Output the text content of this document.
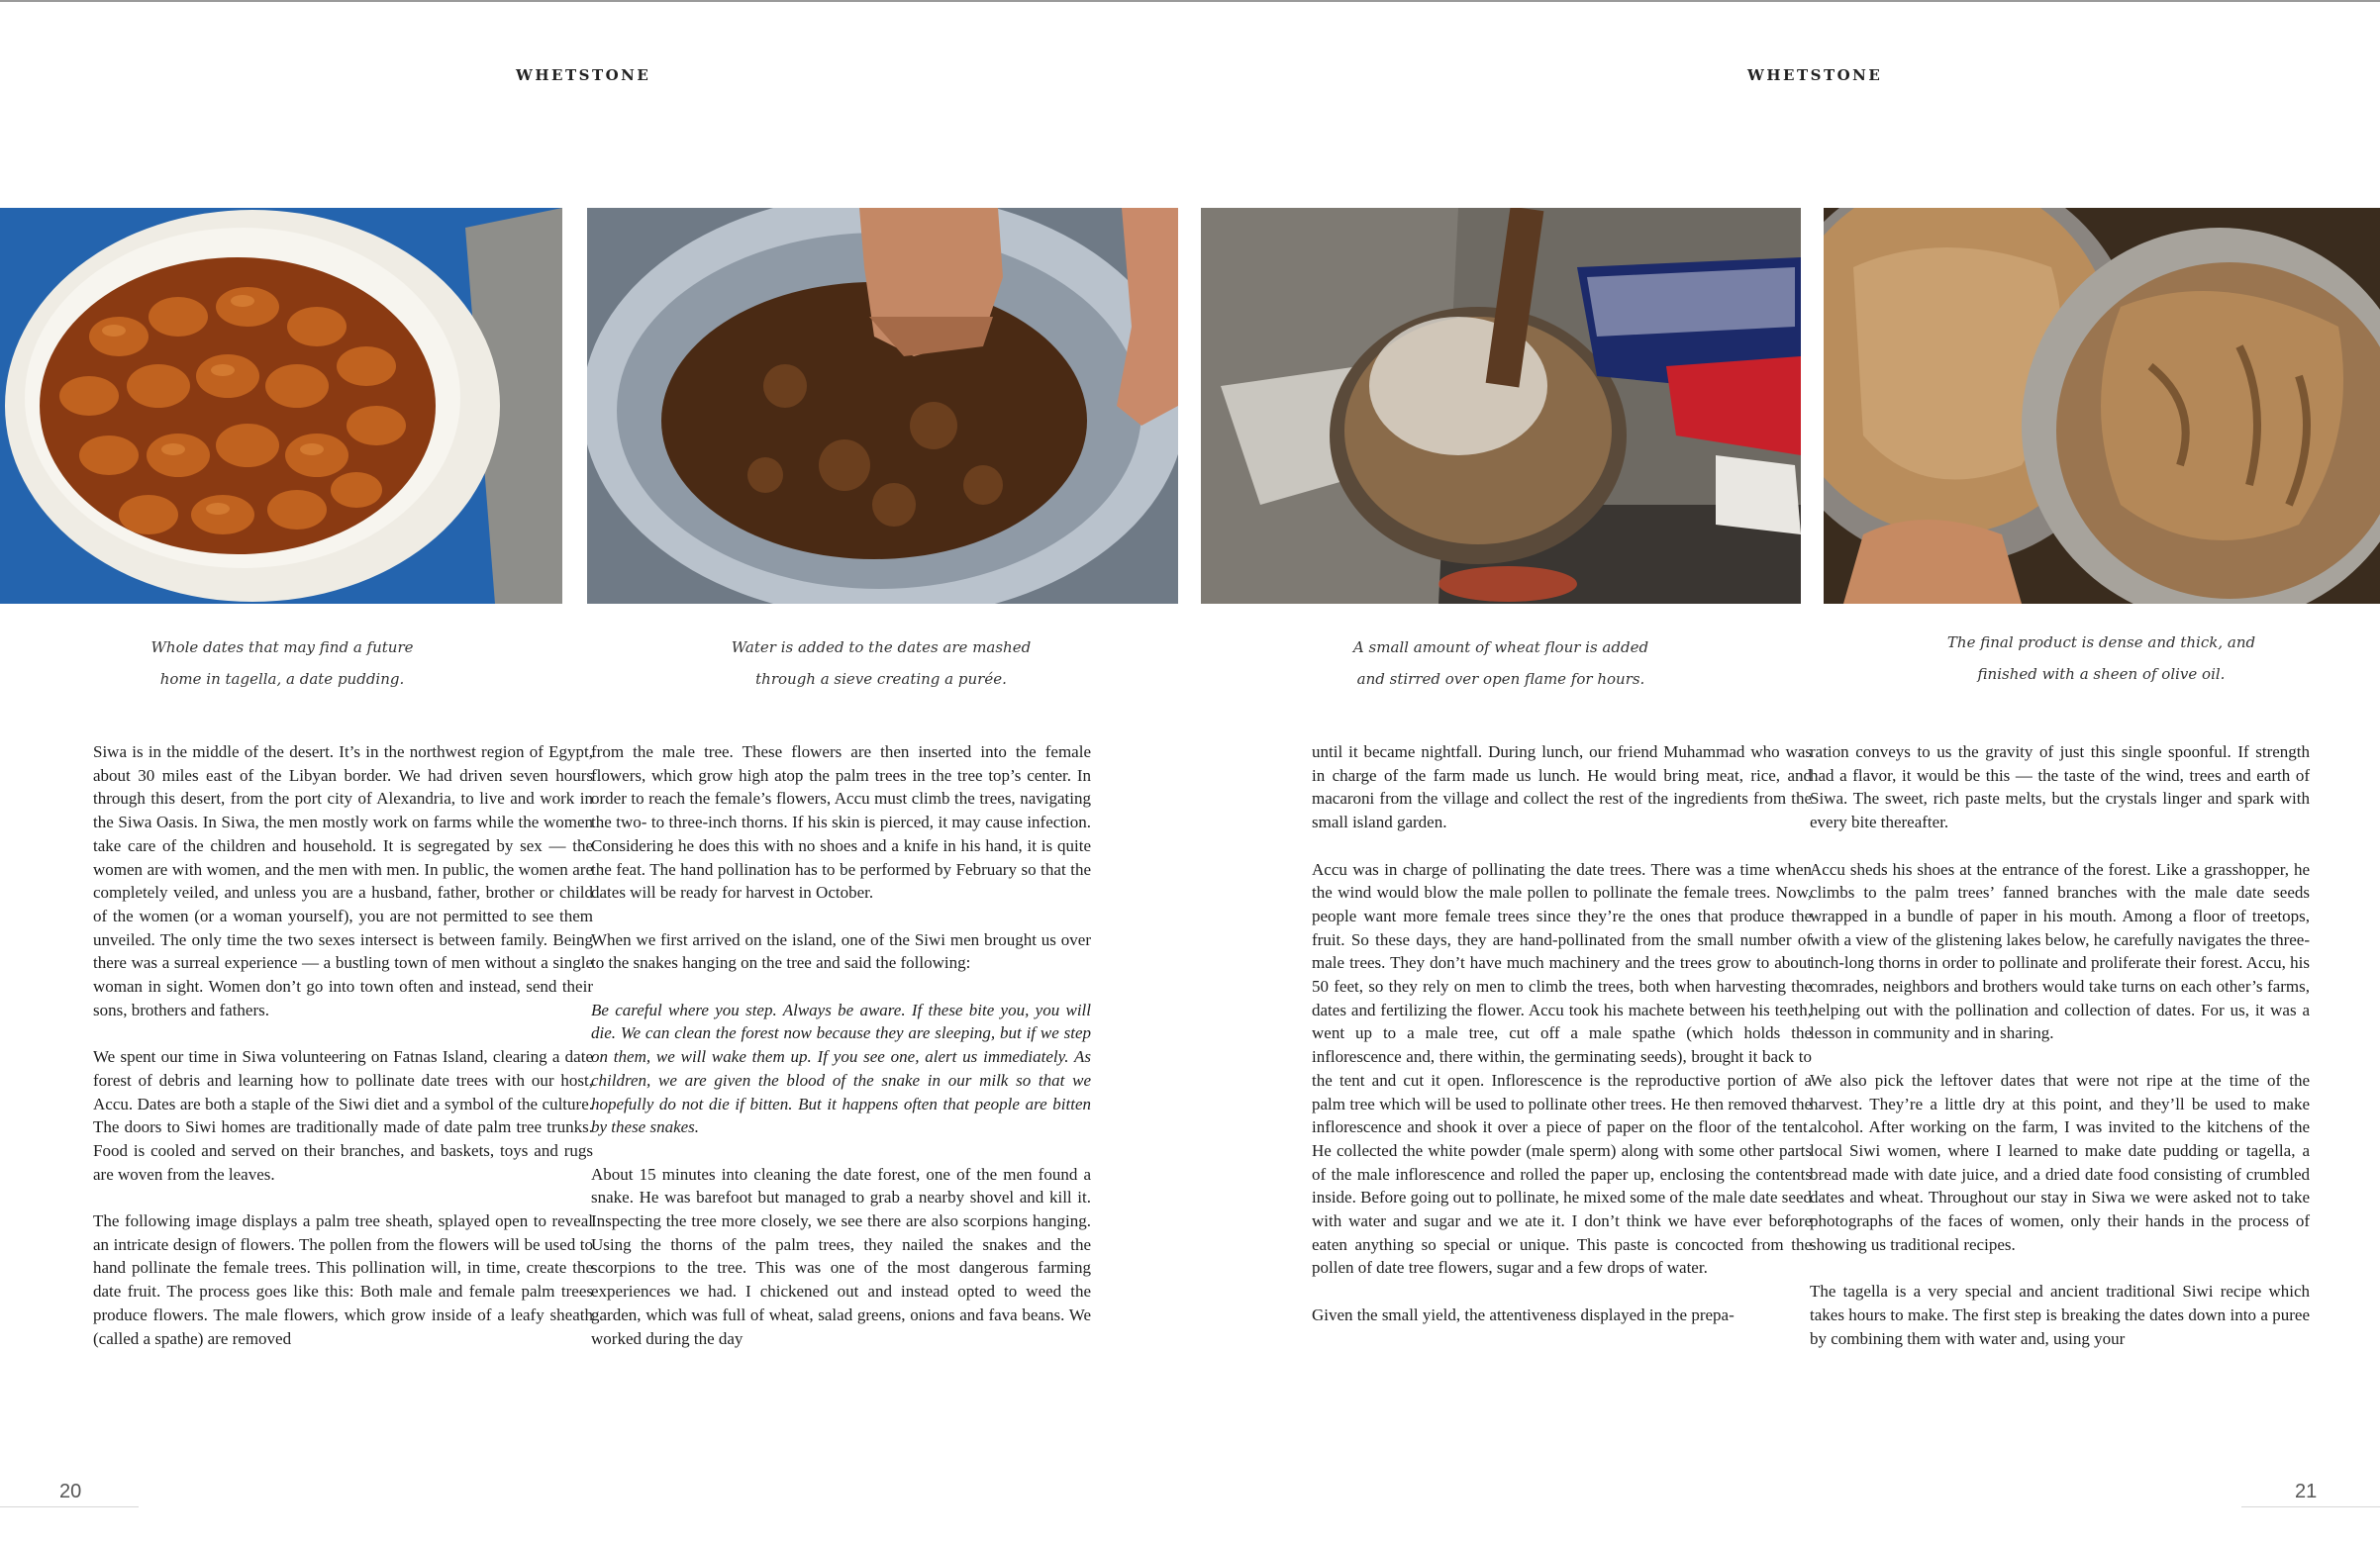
WHETSTONE	WHETSTONE
Whole dates that may find a future
home in tagella, a date pudding.
Water is added to the dates are mashed
through a sieve creating a purée.
A small amount of wheat flour is added
and stirred over open flame for hours.
The final product is dense and thick, and
finished with a sheen of olive oil.

Siwa is in the middle of the desert. It’s in the northwest region of Egypt, about 30 miles east of the Libyan border. We had driven seven hours through this desert, from the port city of Alexandria, to live and work in the Siwa Oasis. In Siwa, the men mostly work on farms while the women take care of the children and household. It is segregated by sex — the women are with women, and the men with men. In public, the women are completely veiled, and unless you are a husband, father, brother or child of the women (or a woman yourself), you are not permitted to see them unveiled. The only time the two sexes intersect is between family. Being there was a surreal experience — a bustling town of men without a single woman in sight. Women don’t go into town often and instead, send their sons, brothers and fathers.

We spent our time in Siwa volunteering on Fatnas Island, clearing a date forest of debris and learning how to pollinate date trees with our host, Accu. Dates are both a staple of the Siwi diet and a symbol of the culture. The doors to Siwi homes are traditionally made of date palm tree trunks. Food is cooled and served on their branches, and baskets, toys and rugs are woven from the leaves.

The following image displays a palm tree sheath, splayed open to reveal an intricate design of flowers. The pollen from the flowers will be used to hand pollinate the female trees. This pollination will, in time, create the date fruit. The process goes like this: Both male and female palm trees produce flowers. The male flowers, which grow inside of a leafy sheath (called a spathe) are removed

from the male tree. These flowers are then inserted into the female flowers, which grow high atop the palm trees in the tree top’s center. In order to reach the female’s flowers, Accu must climb the trees, navigating the two- to three-inch thorns. If his skin is pierced, it may cause infection. Considering he does this with no shoes and a knife in his hand, it is quite the feat. The hand pollination has to be performed by February so that the dates will be ready for harvest in October.

When we first arrived on the island, one of the Siwi men brought us over to the snakes hanging on the tree and said the following:

Be careful where you step. Always be aware. If these bite you, you will die. We can clean the forest now because they are sleeping, but if we step on them, we will wake them up. If you see one, alert us immediately. As children, we are given the blood of the snake in our milk so that we hopefully do not die if bitten. But it happens often that people are bitten by these snakes.

About 15 minutes into cleaning the date forest, one of the men found a snake. He was barefoot but managed to grab a nearby shovel and kill it. Inspecting the tree more closely, we see there are also scorpions hanging. Using the thorns of the palm trees, they nailed the snakes and the scorpions to the tree. This was one of the most dangerous farming experiences we had. I chickened out and instead opted to weed the garden, which was full of wheat, salad greens, onions and fava beans. We worked during the day

until it became nightfall. During lunch, our friend Muhammad who was in charge of the farm made us lunch. He would bring meat, rice, and macaroni from the village and collect the rest of the ingredients from the small island garden.

Accu was in charge of pollinating the date trees. There was a time when the wind would blow the male pollen to pollinate the female trees. Now, people want more female trees since they’re the ones that produce the fruit. So these days, they are hand-pollinated from the small number of male trees. They don’t have much machinery and the trees grow to about 50 feet, so they rely on men to climb the trees, both when harvesting the dates and fertilizing the flower. Accu took his machete between his teeth, went up to a male tree, cut off a male spathe (which holds the inflorescence and, there within, the germinating seeds), brought it back to the tent and cut it open. Inflorescence is the reproductive portion of a palm tree which will be used to pollinate other trees. He then removed the inflorescence and shook it over a piece of paper on the floor of the tent. He collected the white powder (male sperm) along with some other parts of the male inflorescence and rolled the paper up, enclosing the contents inside. Before going out to pollinate, he mixed some of the male date seed with water and sugar and we ate it. I don’t think we have ever before eaten anything so special or unique. This paste is concocted from the pollen of date tree flowers, sugar and a few drops of water.

Given the small yield, the attentiveness displayed in the prepa-

ration conveys to us the gravity of just this single spoonful. If strength had a flavor, it would be this — the taste of the wind, trees and earth of Siwa. The sweet, rich paste melts, but the crystals linger and spark with every bite thereafter.

Accu sheds his shoes at the entrance of the forest. Like a grasshopper, he climbs to the palm trees’ fanned branches with the male date seeds wrapped in a bundle of paper in his mouth. Among a floor of treetops, with a view of the glistening lakes below, he carefully navigates the three-inch-long thorns in order to pollinate and proliferate their forest. Accu, his comrades, neighbors and brothers would take turns on each other’s farms, helping out with the pollination and collection of dates. For us, it was a lesson in community and in sharing.

We also pick the leftover dates that were not ripe at the time of the harvest. They’re a little dry at this point, and they’ll be used to make alcohol. After working on the farm, I was invited to the kitchens of the local Siwi women, where I learned to make date pudding or tagella, a bread made with date juice, and a dried date food consisting of crumbled dates and wheat. Throughout our stay in Siwa we were asked not to take photographs of the faces of women, only their hands in the process of showing us traditional recipes.

The tagella is a very special and ancient traditional Siwi recipe which takes hours to make. The first step is breaking the dates down into a puree by combining them with water and, using your

20	21
